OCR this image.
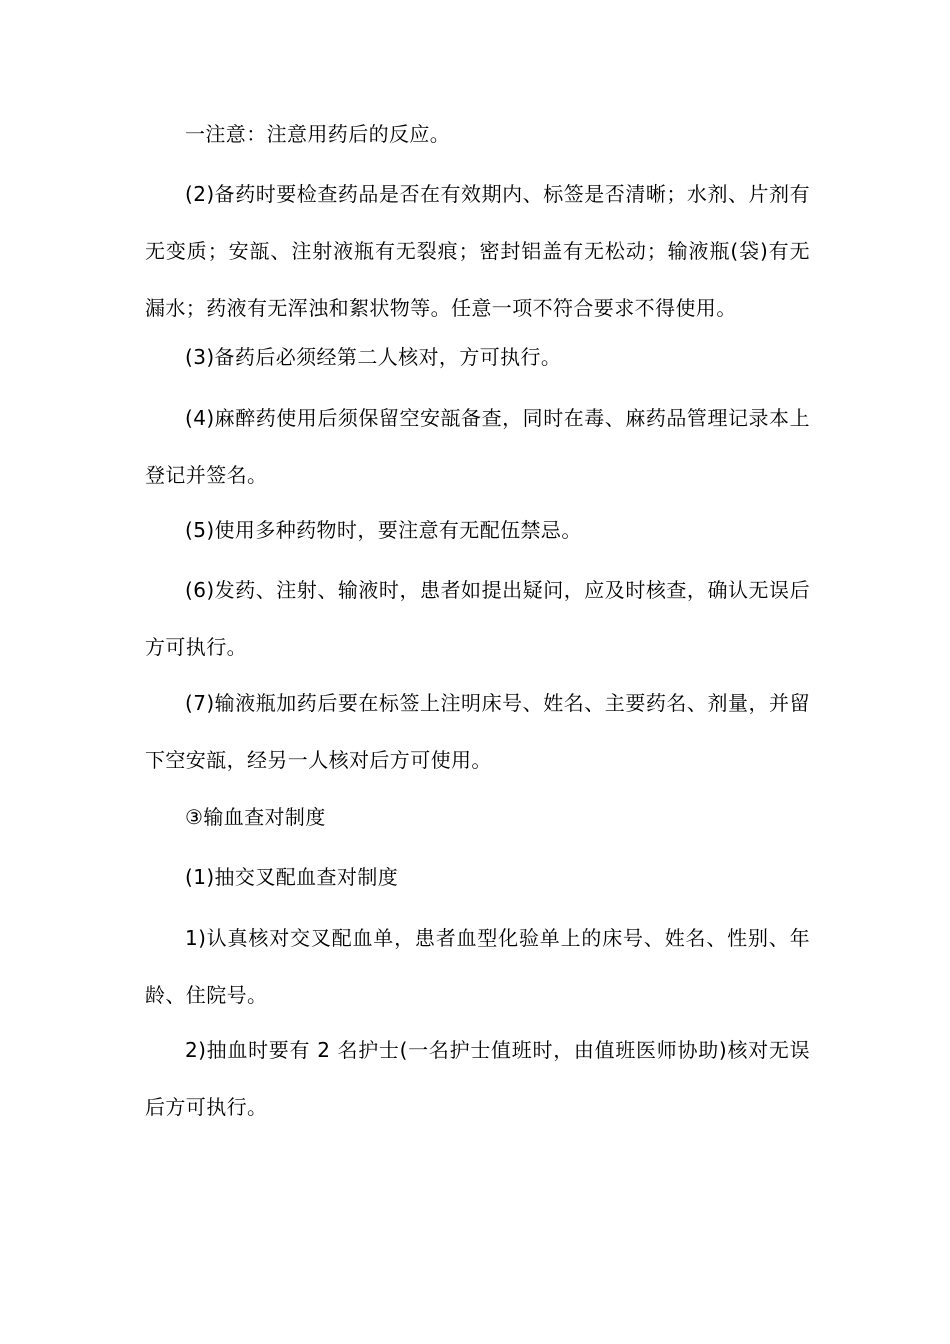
一注意：注意用药后的反应。

(2)备药时要检查药品是否在有效期内、标签是否清晰；水剂、片剂有无变质；安瓿、注射液瓶有无裂痕；密封铝盖有无松动；输液瓶(袋)有无漏水；药液有无浑浊和絮状物等。任意一项不符合要求不得使用。

(3)备药后必须经第二人核对，方可执行。

(4)麻醉药使用后须保留空安瓿备查，同时在毒、麻药品管理记录本上登记并签名。

(5)使用多种药物时，要注意有无配伍禁忌。

(6)发药、注射、输液时，患者如提出疑问，应及时核查，确认无误后方可执行。

(7)输液瓶加药后要在标签上注明床号、姓名、主要药名、剂量，并留下空安瓿，经另一人核对后方可使用。

③输血查对制度

(1)抽交叉配血查对制度

1)认真核对交叉配血单，患者血型化验单上的床号、姓名、性别、年龄、住院号。

2)抽血时要有 2 名护士(一名护士值班时，由值班医师协助)核对无误后方可执行。
